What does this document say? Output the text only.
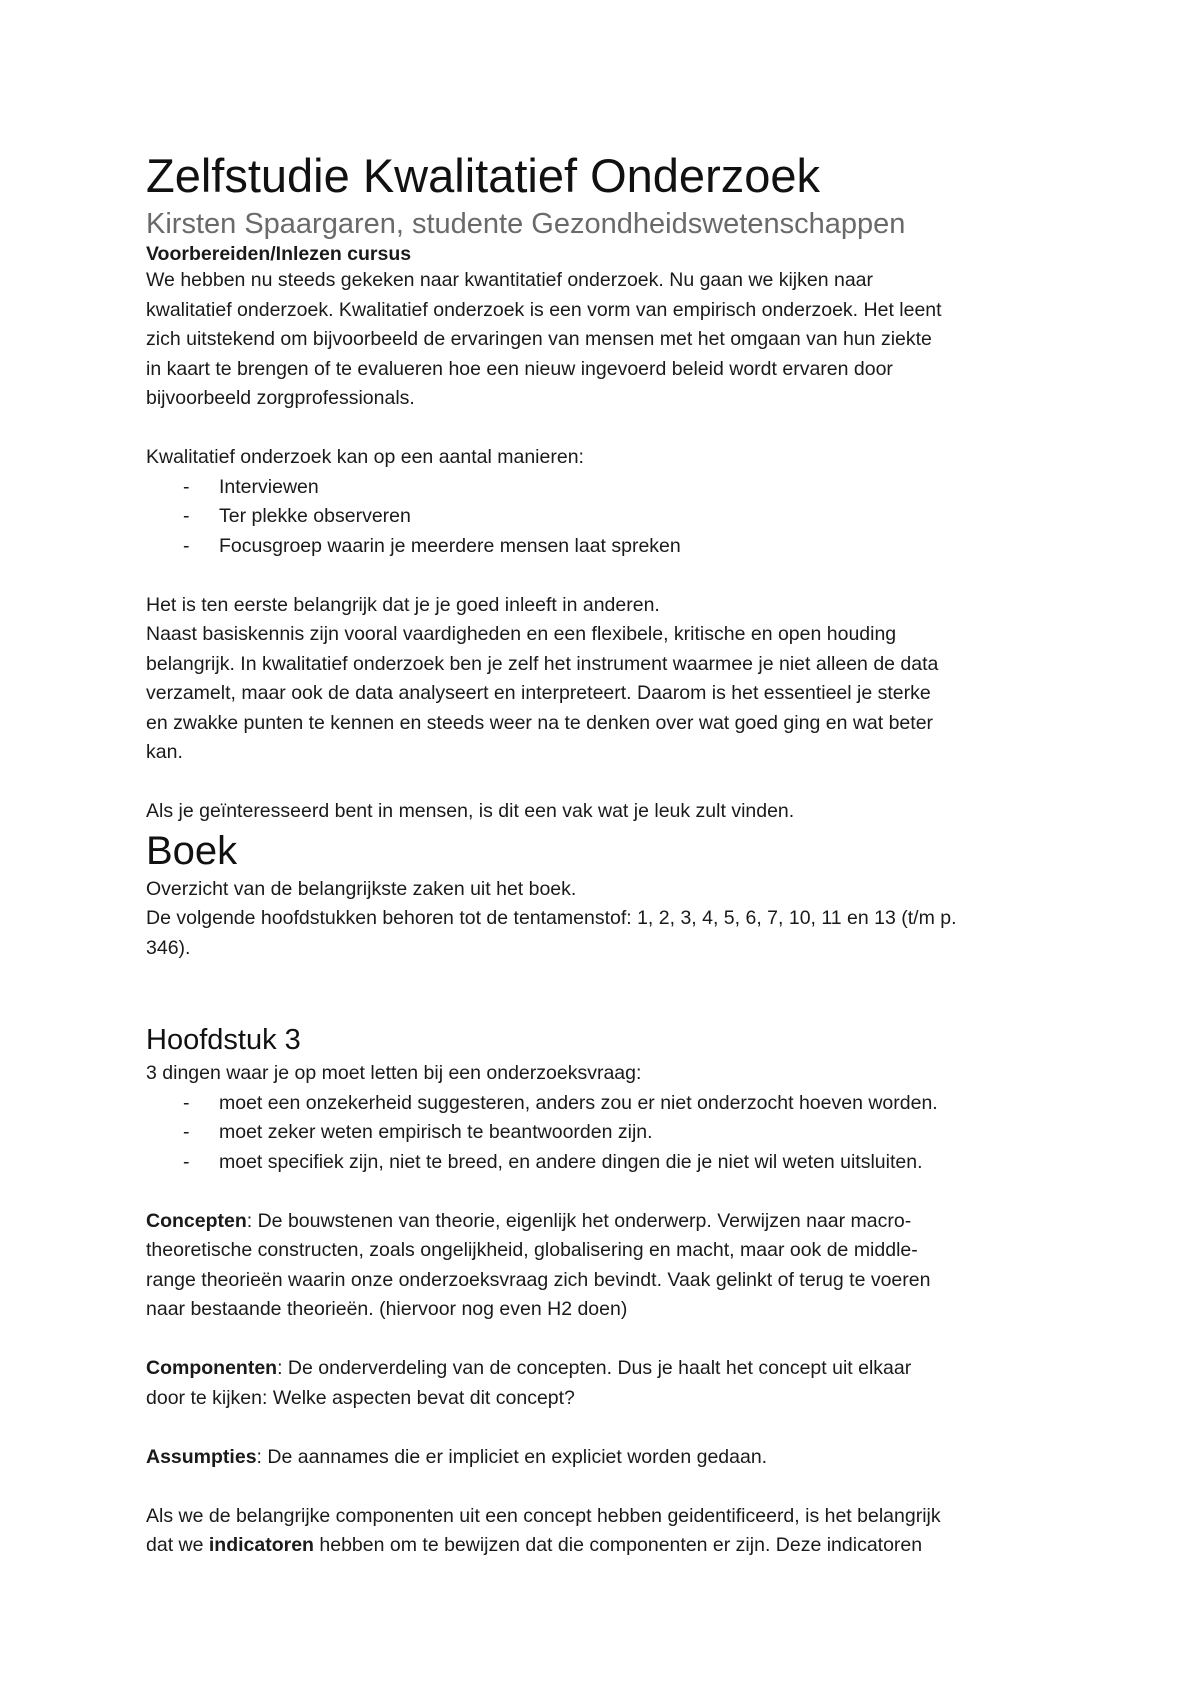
Zelfstudie Kwalitatief Onderzoek

Kirsten Spaargaren, studente Gezondheidswetenschappen

Voorbereiden/Inlezen cursus

We hebben nu steeds gekeken naar kwantitatief onderzoek. Nu gaan we kijken naar
kwalitatief onderzoek. Kwalitatief onderzoek is een vorm van empirisch onderzoek. Het leent
zich uitstekend om bijvoorbeeld de ervaringen van mensen met het omgaan van hun ziekte
in kaart te brengen of te evalueren hoe een nieuw ingevoerd beleid wordt ervaren door
bijvoorbeeld zorgprofessionals.

Kwalitatief onderzoek kan op een aantal manieren:

- Interviewen
- Ter plekke observeren
- Focusgroep waarin je meerdere mensen laat spreken

Het is ten eerste belangrijk dat je je goed inleeft in anderen.
Naast basiskennis zijn vooral vaardigheden en een flexibele, kritische en open houding
belangrijk. In kwalitatief onderzoek ben je zelf het instrument waarmee je niet alleen de data
verzamelt, maar ook de data analyseert en interpreteert. Daarom is het essentieel je sterke
en zwakke punten te kennen en steeds weer na te denken over wat goed ging en wat beter
kan.

Als je geïnteresseerd bent in mensen, is dit een vak wat je leuk zult vinden.

Boek

Overzicht van de belangrijkste zaken uit het boek.
De volgende hoofdstukken behoren tot de tentamenstof: 1, 2, 3, 4, 5, 6, 7, 10, 11 en 13 (t/m p.
346).

Hoofdstuk 3

3 dingen waar je op moet letten bij een onderzoeksvraag:

- moet een onzekerheid suggesteren, anders zou er niet onderzocht hoeven worden.
- moet zeker weten empirisch te beantwoorden zijn.
- moet specifiek zijn, niet te breed, en andere dingen die je niet wil weten uitsluiten.

Concepten: De bouwstenen van theorie, eigenlijk het onderwerp. Verwijzen naar macro-
theoretische constructen, zoals ongelijkheid, globalisering en macht, maar ook de middle-
range theorieën waarin onze onderzoeksvraag zich bevindt. Vaak gelinkt of terug te voeren
naar bestaande theorieën. (hiervoor nog even H2 doen)

Componenten: De onderverdeling van de concepten. Dus je haalt het concept uit elkaar
door te kijken: Welke aspecten bevat dit concept?

Assumpties: De aannames die er impliciet en expliciet worden gedaan.

Als we de belangrijke componenten uit een concept hebben geidentificeerd, is het belangrijk
dat we indicatoren hebben om te bewijzen dat die componenten er zijn. Deze indicatoren
